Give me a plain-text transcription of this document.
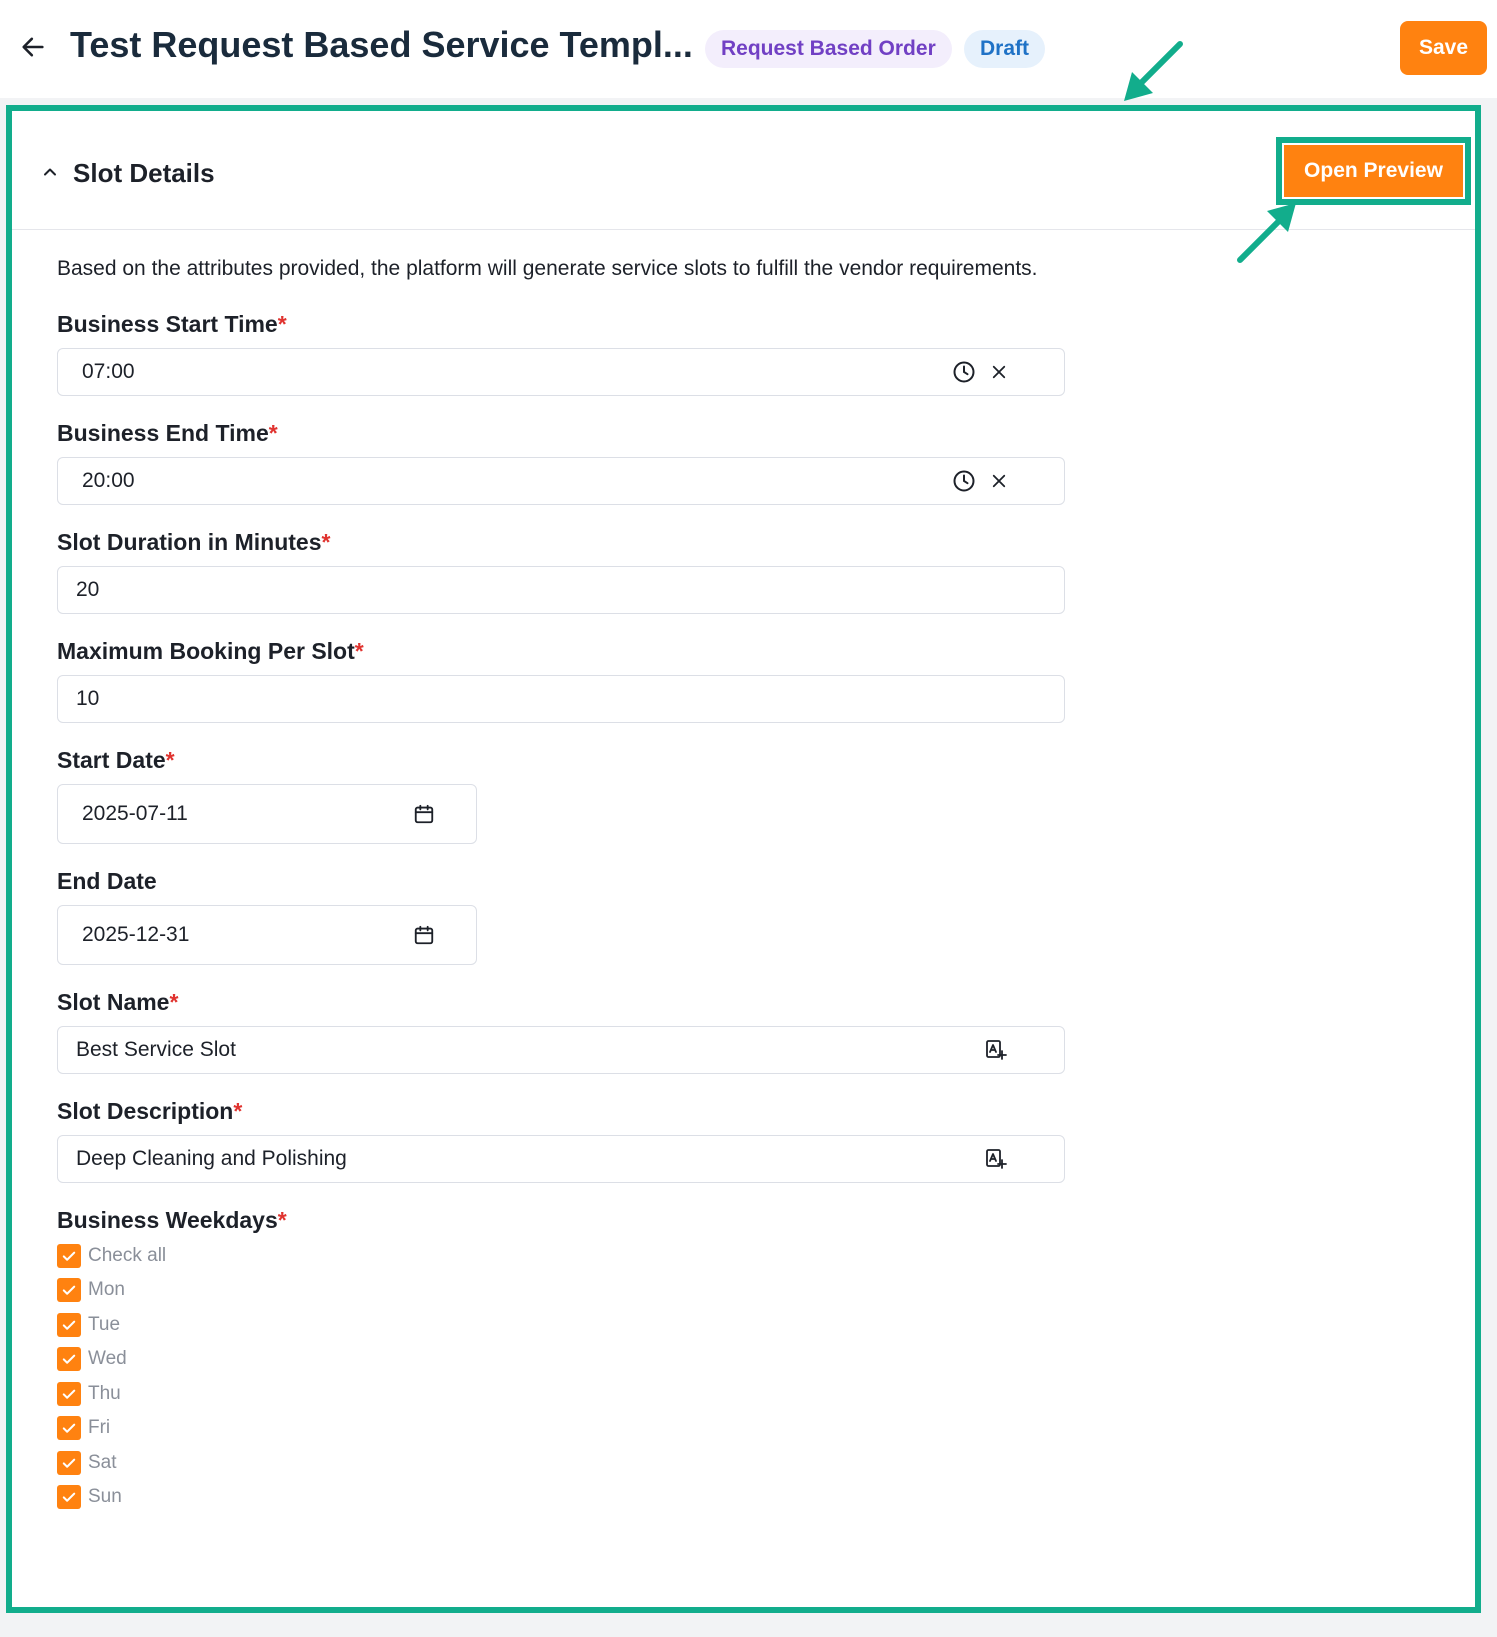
Test Request Based Service Templ...	Request Based Order	Draft	Save
Slot Details	Open Preview
Based on the attributes provided, the platform will generate service slots to fulfill the vendor requirements.
Business Start Time*
07:00
Business End Time*
20:00
Slot Duration in Minutes*
20
Maximum Booking Per Slot*
10
Start Date*
2025-07-11
End Date
2025-12-31
Slot Name*
Best Service Slot
Slot Description*
Deep Cleaning and Polishing
Business Weekdays*
Check all
Mon
Tue
Wed
Thu
Fri
Sat
Sun
